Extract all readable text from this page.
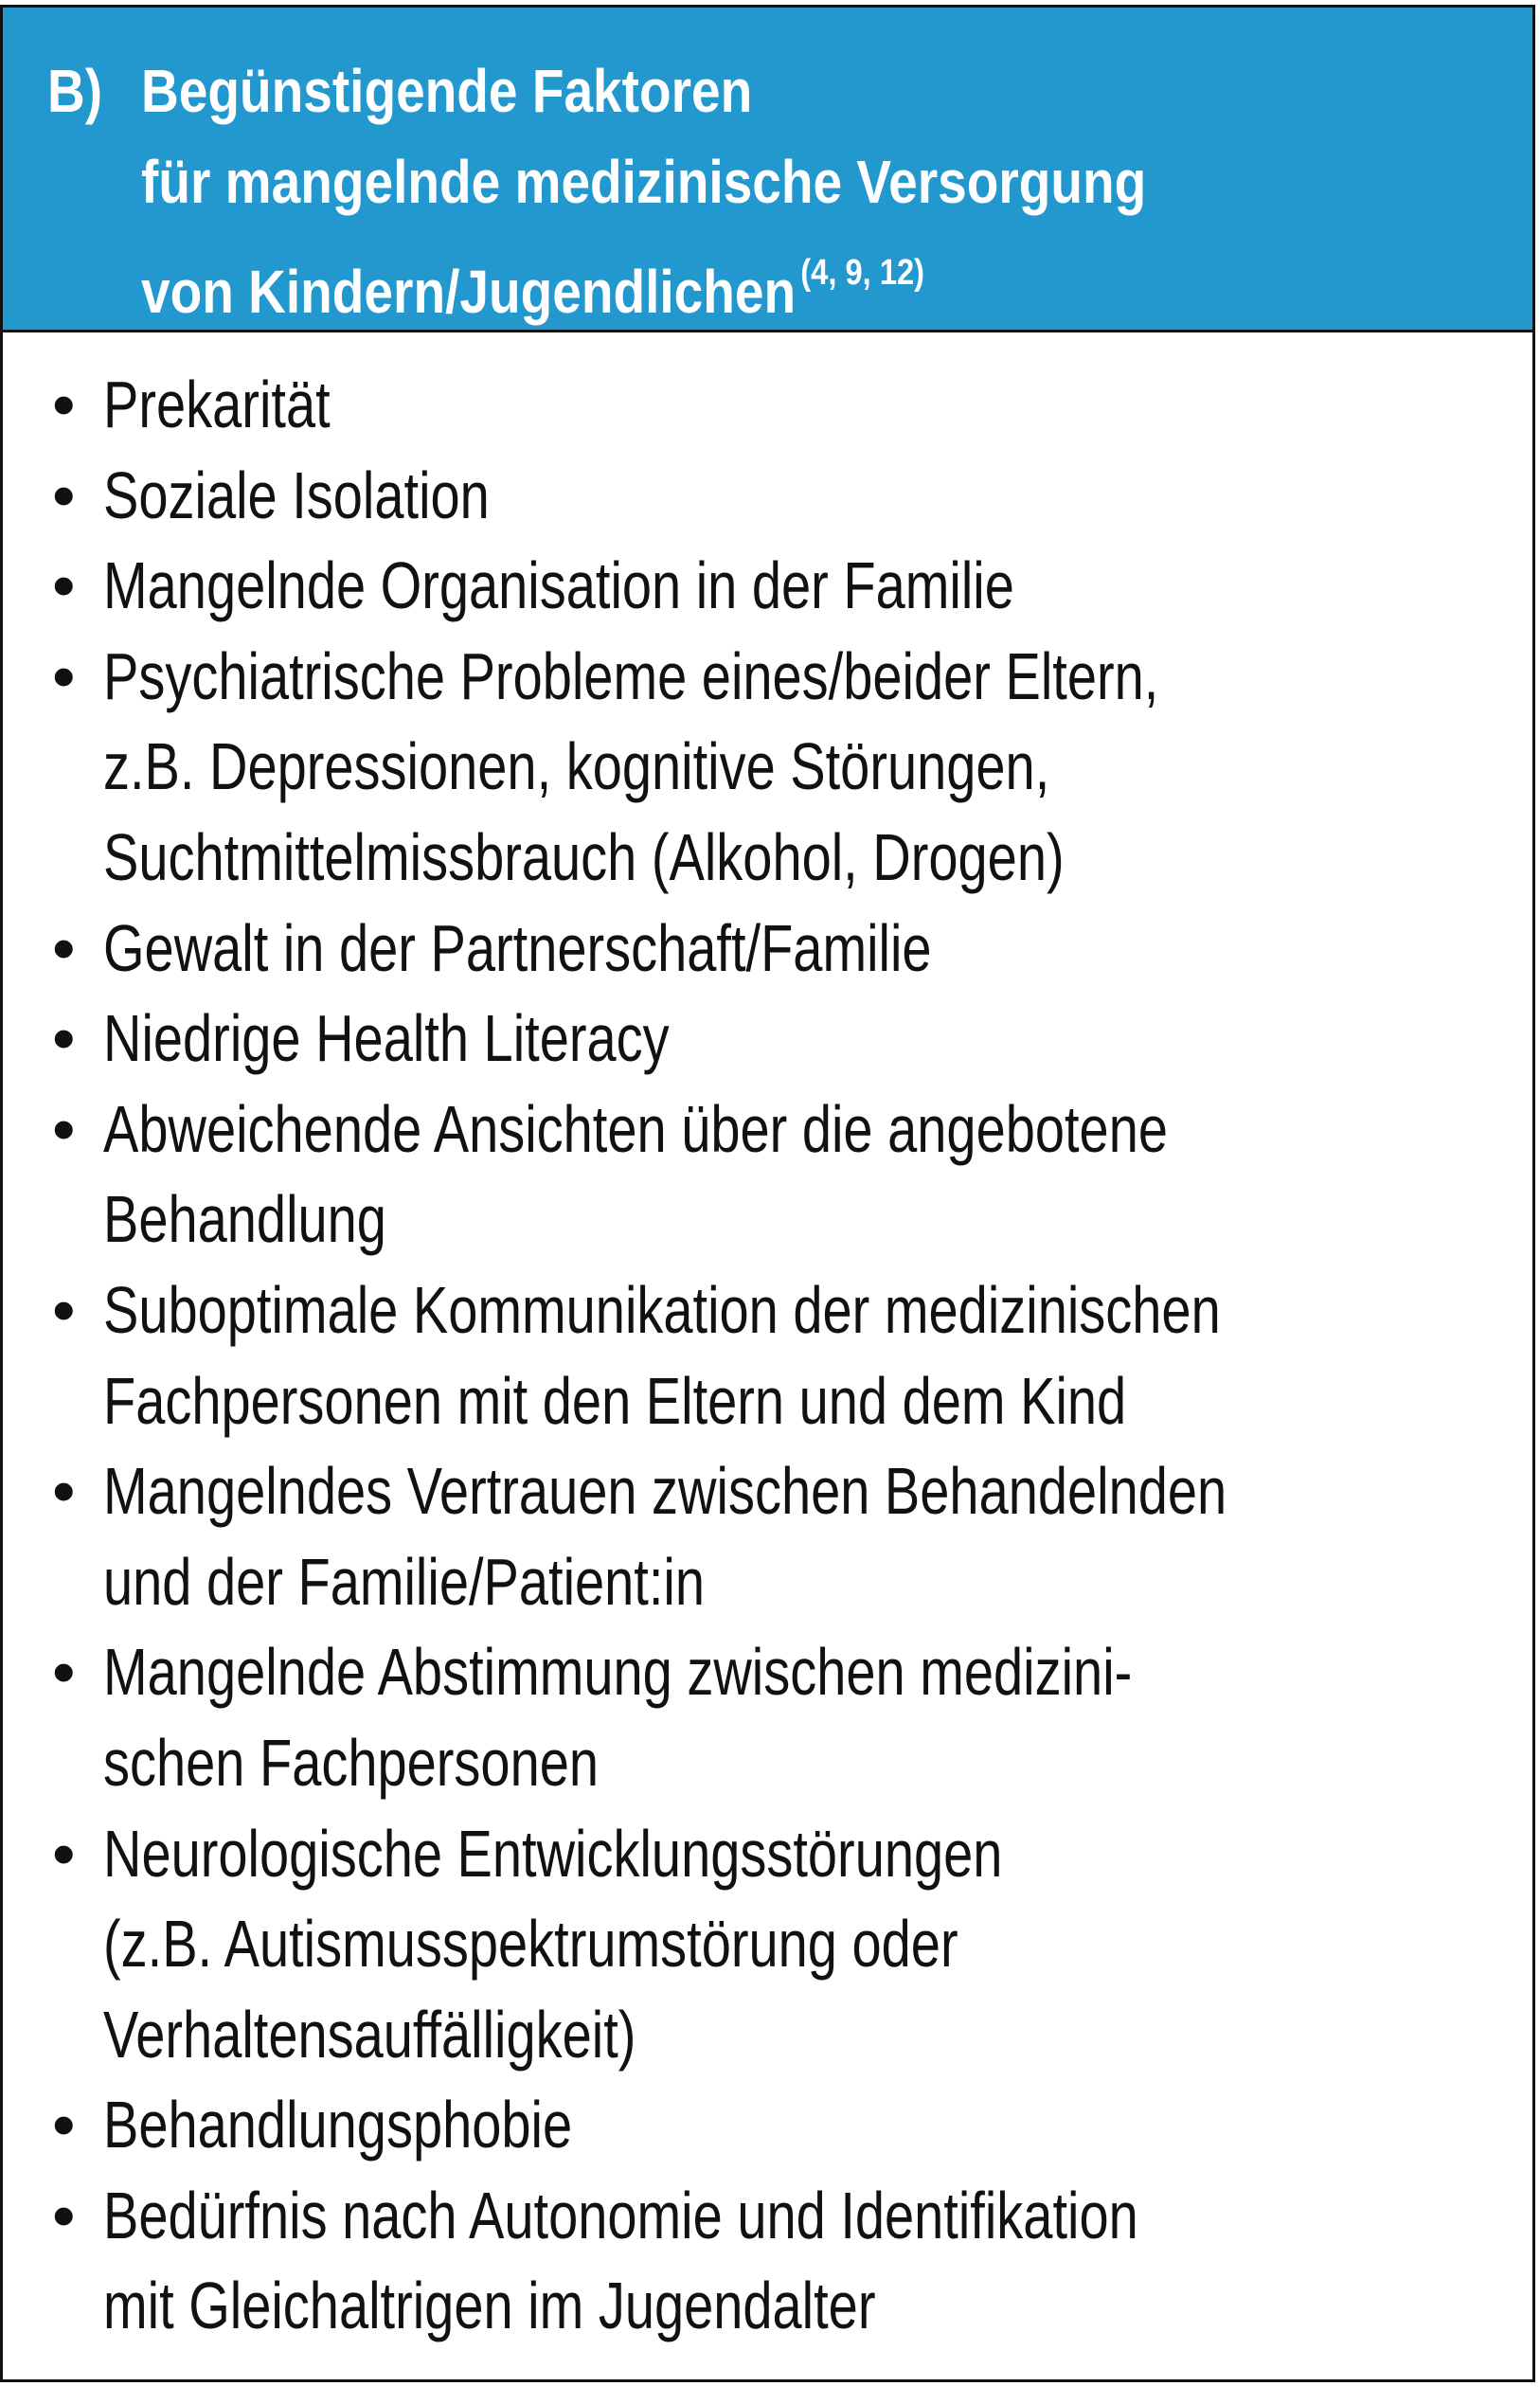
B) Begünstigende Faktoren
für mangelnde medizinische Versorgung
von Kindern/Jugendlichen $^{(4, 9, 12)}$
• Prekarität
• Soziale Isolation
• Mangelnde Organisation in der Familie
• Psychiatrische Probleme eines/beider Eltern,
z.B. Depressionen, kognitive Störungen,
Suchtmittelmissbrauch (Alkohol, Drogen)
• Gewalt in der Partnerschaft/Familie
• Niedrige Health Literacy
• Abweichende Ansichten über die angebotene
Behandlung
• Suboptimale Kommunikation der medizinischen
Fachpersonen mit den Eltern und dem Kind
• Mangelndes Vertrauen zwischen Behandelnden
und der Familie/Patient:in
• Mangelnde Abstimmung zwischen medizini-
schen Fachpersonen
• Neurologische Entwicklungsstörungen
(z.B. Autismusspektrumstörung oder
Verhaltensauffälligkeit)
• Behandlungsphobie
• Bedürfnis nach Autonomie und Identifikation
mit Gleichaltrigen im Jugendalter
